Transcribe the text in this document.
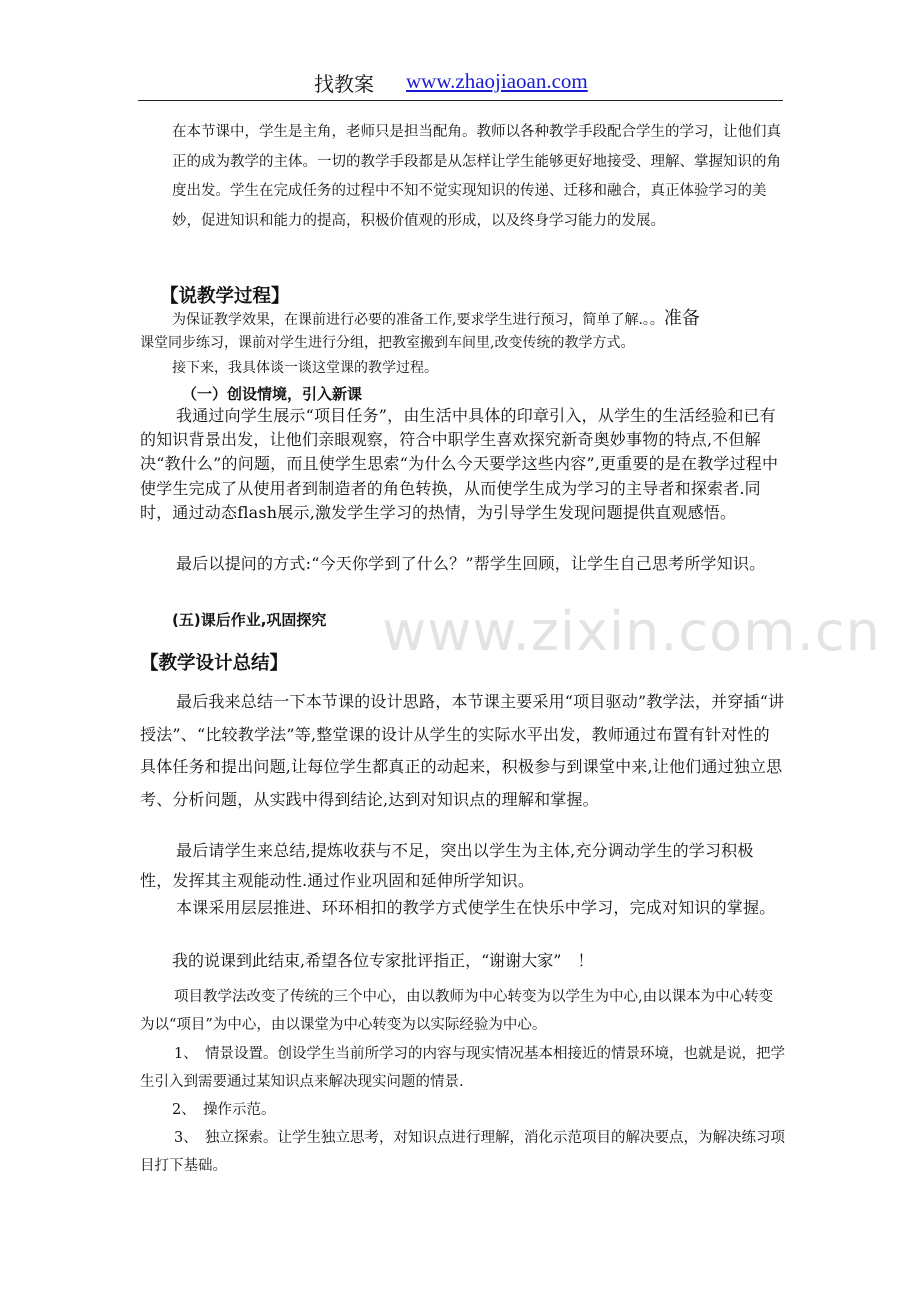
找教案 www.zhaojiaoan.com

在本节课中，学生是主角，老师只是担当配角。教师以各种教学手段配合学生的学习，让他们真正的成为教学的主体。一切的教学手段都是从怎样让学生能够更好地接受、理解、掌握知识的角度出发。学生在完成任务的过程中不知不觉实现知识的传递、迁移和融合，真正体验学习的美妙，促进知识和能力的提高，积极价值观的形成，以及终身学习能力的发展。

【说教学过程】

为保证教学效果，在课前进行必要的准备工作,要求学生进行预习，简单了解.。。准备

课堂同步练习，课前对学生进行分组，把教室搬到车间里,改变传统的教学方式。

接下来，我具体谈一谈这堂课的教学过程。

（一）创设情境，引入新课

我通过向学生展示“项目任务”，由生活中具体的印章引入，从学生的生活经验和已有的知识背景出发，让他们亲眼观察，符合中职学生喜欢探究新奇奥妙事物的特点,不但解决“教什么”的问题，而且使学生思索“为什么今天要学这些内容”,更重要的是在教学过程中使学生完成了从使用者到制造者的角色转换，从而使学生成为学习的主导者和探索者.同时，通过动态flash展示,激发学生学习的热情，为引导学生发现问题提供直观感悟。

最后以提问的方式:“今天你学到了什么？”帮学生回顾，让学生自己思考所学知识。

(五)课后作业,巩固探究
【教学设计总结】

最后我来总结一下本节课的设计思路，本节课主要采用“项目驱动”教学法，并穿插“讲授法”、“比较教学法”等,整堂课的设计从学生的实际水平出发，教师通过布置有针对性的具体任务和提出问题,让每位学生都真正的动起来，积极参与到课堂中来,让他们通过独立思考、分析问题，从实践中得到结论,达到对知识点的理解和掌握。

最后请学生来总结,提炼收获与不足，突出以学生为主体,充分调动学生的学习积极性，发挥其主观能动性.通过作业巩固和延伸所学知识。

本课采用层层推进、环环相扣的教学方式使学生在快乐中学习，完成对知识的掌握。

我的说课到此结束,希望各位专家批评指正，“谢谢大家”　！

项目教学法改变了传统的三个中心，由以教师为中心转变为以学生为中心,由以课本为中心转变为以“项目”为中心，由以课堂为中心转变为以实际经验为中心。

1、　情景设置。创设学生当前所学习的内容与现实情况基本相接近的情景环境，也就是说，把学生引入到需要通过某知识点来解决现实问题的情景.

2、　操作示范。

3、　独立探索。让学生独立思考，对知识点进行理解，消化示范项目的解决要点，为解决练习项目打下基础。

www.zixin.com.cn
